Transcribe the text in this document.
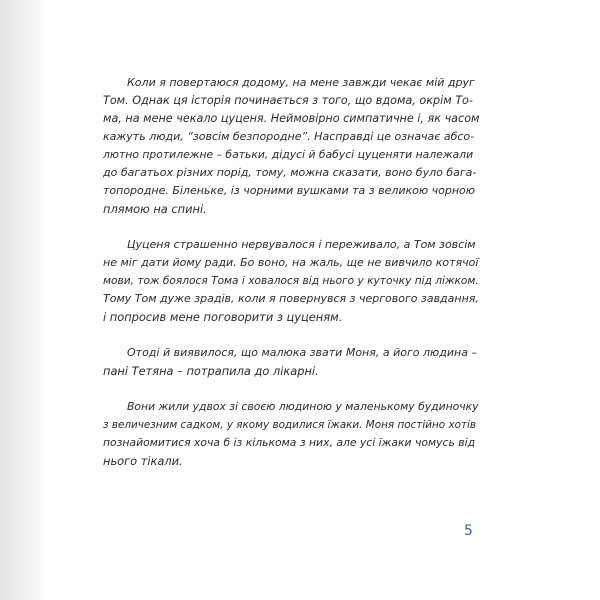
Коли я повертаюся додому, на мене завжди чекає мій друг
Том. Однак ця історія починається з того, що вдома, окрім То-
ма, на мене чекало цуценя. Неймовірно симпатичне і, як часом
кажуть люди, “зовсім безпородне”. Насправді це означає абсо-
лютно протилежне – батьки, дідусі й бабусі цуценяти належали
до багатьох різних порід, тому, можна сказати, воно було бага-
топородне. Біленьке, із чорними вушками та з великою чорною
плямою на спині.

Цуценя страшенно нервувалося і переживало, а Том зовсім
не міг дати йому ради. Бо воно, на жаль, ще не вивчило котячої
мови, тож боялося Тома і ховалося від нього у куточку під ліжком.
Тому Том дуже зрадів, коли я повернувся з чергового завдання,
і попросив мене поговорити з цуценям.

Отоді й виявилося, що малюка звати Моня, а його людина –
пані Тетяна – потрапила до лікарні.

Вони жили удвох зі своєю людиною у маленькому будиночку
з величезним садком, у якому водилися їжаки. Моня постійно хотів
познайомитися хоча б із кількома з них, але усі їжаки чомусь від
нього тікали.

5
